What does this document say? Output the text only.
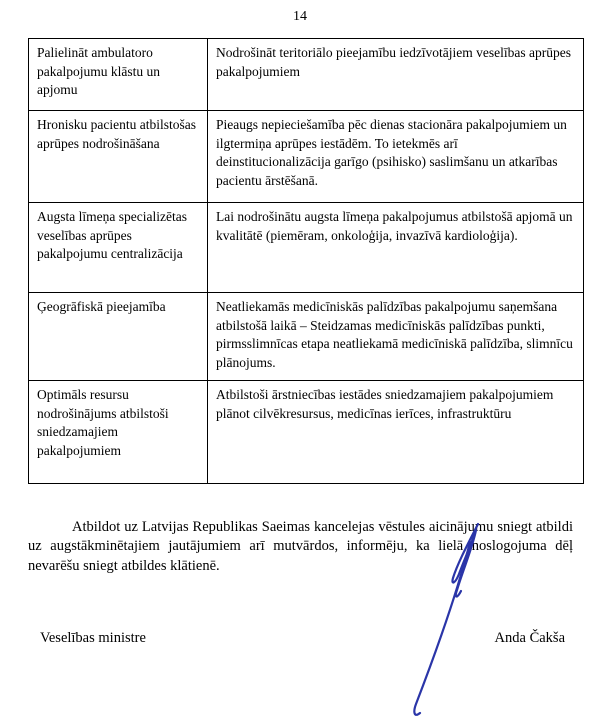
14
Palielināt ambulatoro pakalpojumu klāstu un apjomu	Nodrošināt teritoriālo pieejamību iedzīvotājiem veselības aprūpes pakalpojumiem
Hronisku pacientu atbilstošas aprūpes nodrošināšana	Pieaugs nepieciešamība pēc dienas stacionāra pakalpojumiem un ilgtermiņa aprūpes iestādēm. To ietekmēs arī deinstitucionalizācija garīgo (psihisko) saslimšanu un atkarības pacientu ārstēšanā.
Augsta līmeņa specializētas veselības aprūpes pakalpojumu centralizācija	Lai nodrošinātu augsta līmeņa pakalpojumus atbilstošā apjomā un kvalitātē (piemēram, onkoloģija, invazīvā kardioloģija).
Ģeogrāfiskā pieejamība	Neatliekamās medicīniskās palīdzības pakalpojumu saņemšana atbilstošā laikā – Steidzamas medicīniskās palīdzības punkti, pirmsslimnīcas etapa neatliekamā medicīniskā palīdzība, slimnīcu plānojums.
Optimāls resursu nodrošinājums atbilstoši sniedzamajiem pakalpojumiem	Atbilstoši ārstniecības iestādes sniedzamajiem pakalpojumiem plānot cilvēkresursus, medicīnas ierīces, infrastruktūru

Atbildot uz Latvijas Republikas Saeimas kancelejas vēstules aicinājumu sniegt atbildi uz augstākminētajiem jautājumiem arī mutvārdos, informēju, ka lielā noslogojuma dēļ nevarēšu sniegt atbildes klātienē.

Veselības ministre	Anda Čakša
